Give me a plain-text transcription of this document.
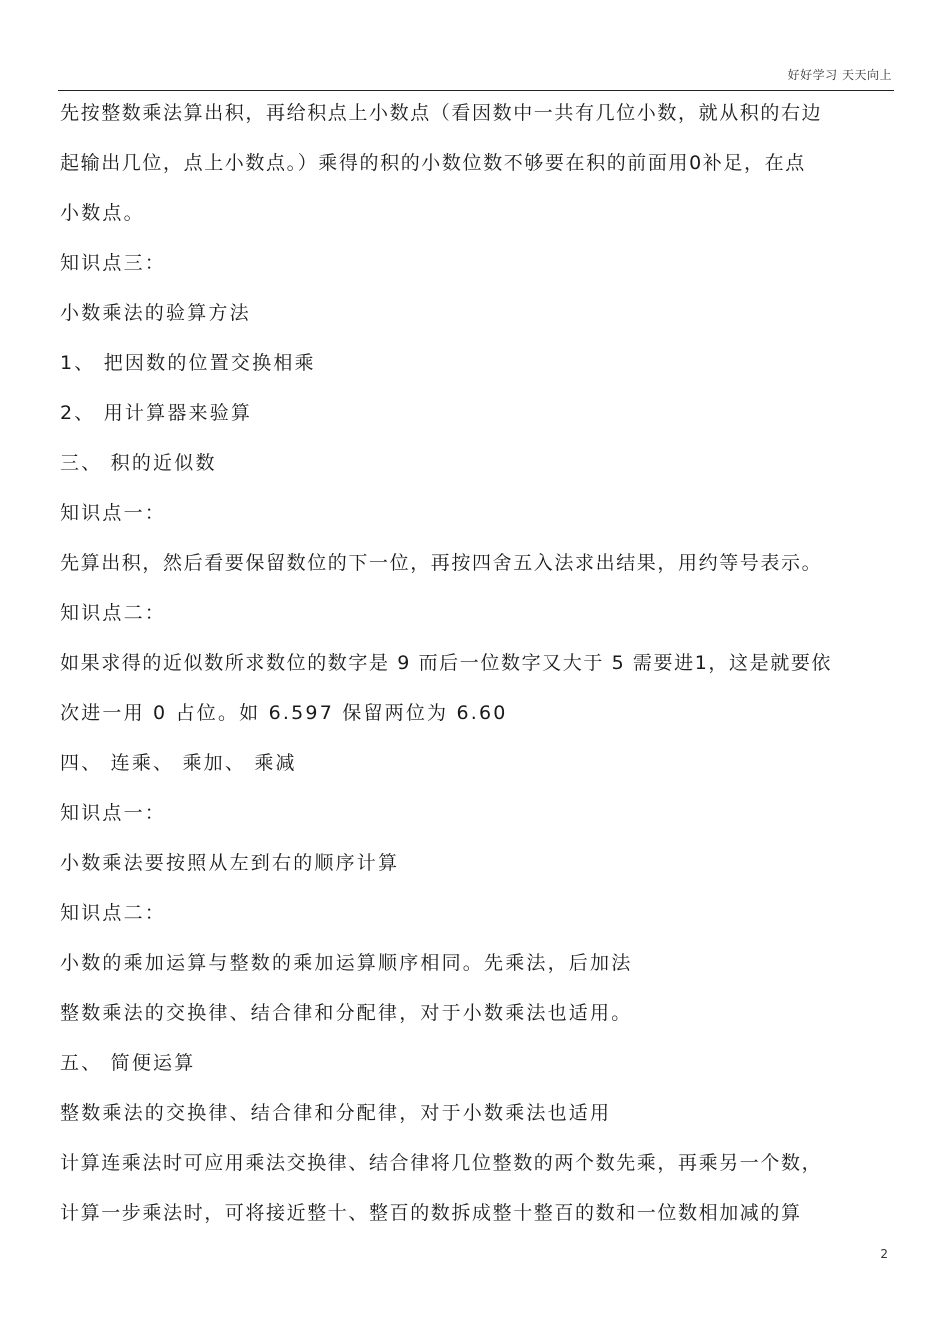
好好学习 天天向上
先按整数乘法算出积，再给积点上小数点（看因数中一共有几位小数，就从积的右边
起输出几位，点上小数点。）乘得的积的小数位数不够要在积的前面用0补足，在点
小数点。
知识点三：
小数乘法的验算方法
1、 把因数的位置交换相乘
2、 用计算器来验算
三、 积的近似数
知识点一：
先算出积，然后看要保留数位的下一位，再按四舍五入法求出结果，用约等号表示。
知识点二：
如果求得的近似数所求数位的数字是 9 而后一位数字又大于 5 需要进1，这是就要依
次进一用 0 占位。如 6.597 保留两位为 6.60
四、 连乘、 乘加、 乘减
知识点一：
小数乘法要按照从左到右的顺序计算
知识点二：
小数的乘加运算与整数的乘加运算顺序相同。先乘法，后加法
整数乘法的交换律、结合律和分配律，对于小数乘法也适用。
五、 简便运算
整数乘法的交换律、结合律和分配律，对于小数乘法也适用
计算连乘法时可应用乘法交换律、结合律将几位整数的两个数先乘，再乘另一个数，
计算一步乘法时，可将接近整十、整百的数拆成整十整百的数和一位数相加减的算
2
